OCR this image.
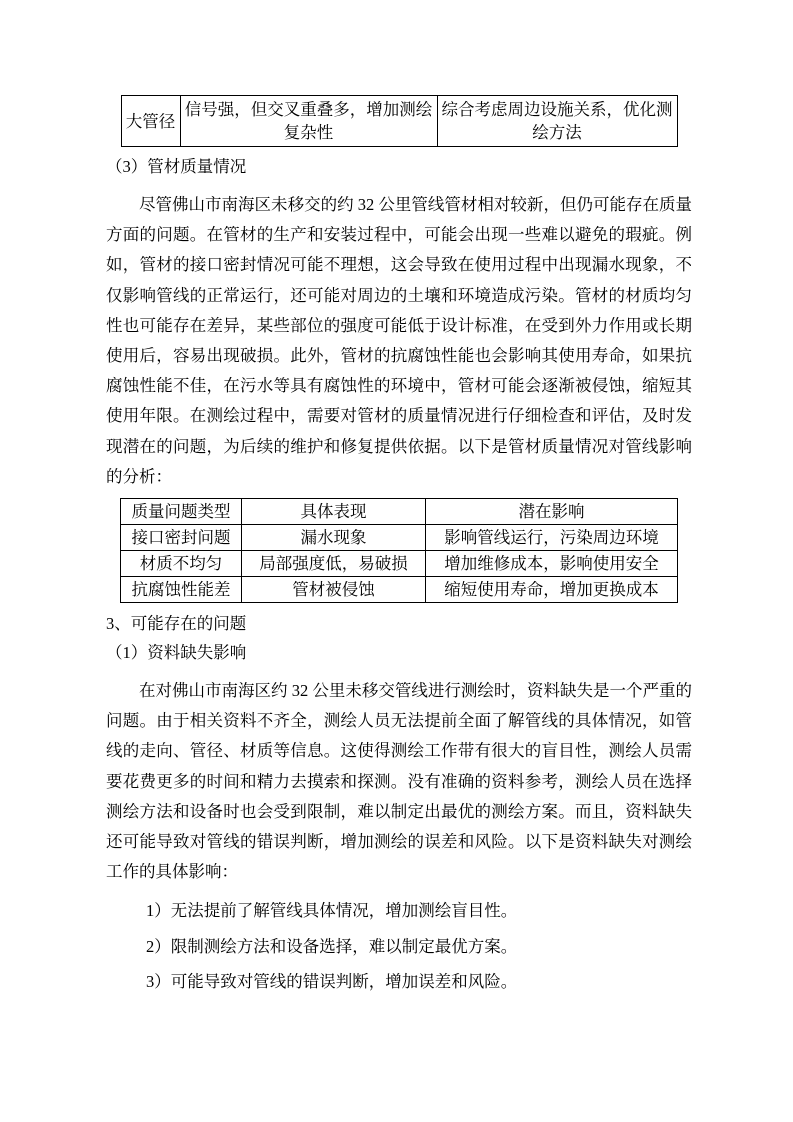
大管径	信号强，但交叉重叠多，增加测绘复杂性	综合考虑周边设施关系，优化测绘方法
（3）管材质量情况
尽管佛山市南海区未移交的约 32 公里管线管材相对较新，但仍可能存在质量方面的问题。在管材的生产和安装过程中，可能会出现一些难以避免的瑕疵。例如，管材的接口密封情况可能不理想，这会导致在使用过程中出现漏水现象，不仅影响管线的正常运行，还可能对周边的土壤和环境造成污染。管材的材质均匀性也可能存在差异，某些部位的强度可能低于设计标准，在受到外力作用或长期使用后，容易出现破损。此外，管材的抗腐蚀性能也会影响其使用寿命，如果抗腐蚀性能不佳，在污水等具有腐蚀性的环境中，管材可能会逐渐被侵蚀，缩短其使用年限。在测绘过程中，需要对管材的质量情况进行仔细检查和评估，及时发现潜在的问题，为后续的维护和修复提供依据。以下是管材质量情况对管线影响的分析：
质量问题类型	具体表现	潜在影响
接口密封问题	漏水现象	影响管线运行，污染周边环境
材质不均匀	局部强度低，易破损	增加维修成本，影响使用安全
抗腐蚀性能差	管材被侵蚀	缩短使用寿命，增加更换成本
3、可能存在的问题
（1）资料缺失影响
在对佛山市南海区约 32 公里未移交管线进行测绘时，资料缺失是一个严重的问题。由于相关资料不齐全，测绘人员无法提前全面了解管线的具体情况，如管线的走向、管径、材质等信息。这使得测绘工作带有很大的盲目性，测绘人员需要花费更多的时间和精力去摸索和探测。没有准确的资料参考，测绘人员在选择测绘方法和设备时也会受到限制，难以制定出最优的测绘方案。而且，资料缺失还可能导致对管线的错误判断，增加测绘的误差和风险。以下是资料缺失对测绘工作的具体影响：
1）无法提前了解管线具体情况，增加测绘盲目性。
2）限制测绘方法和设备选择，难以制定最优方案。
3）可能导致对管线的错误判断，增加误差和风险。
